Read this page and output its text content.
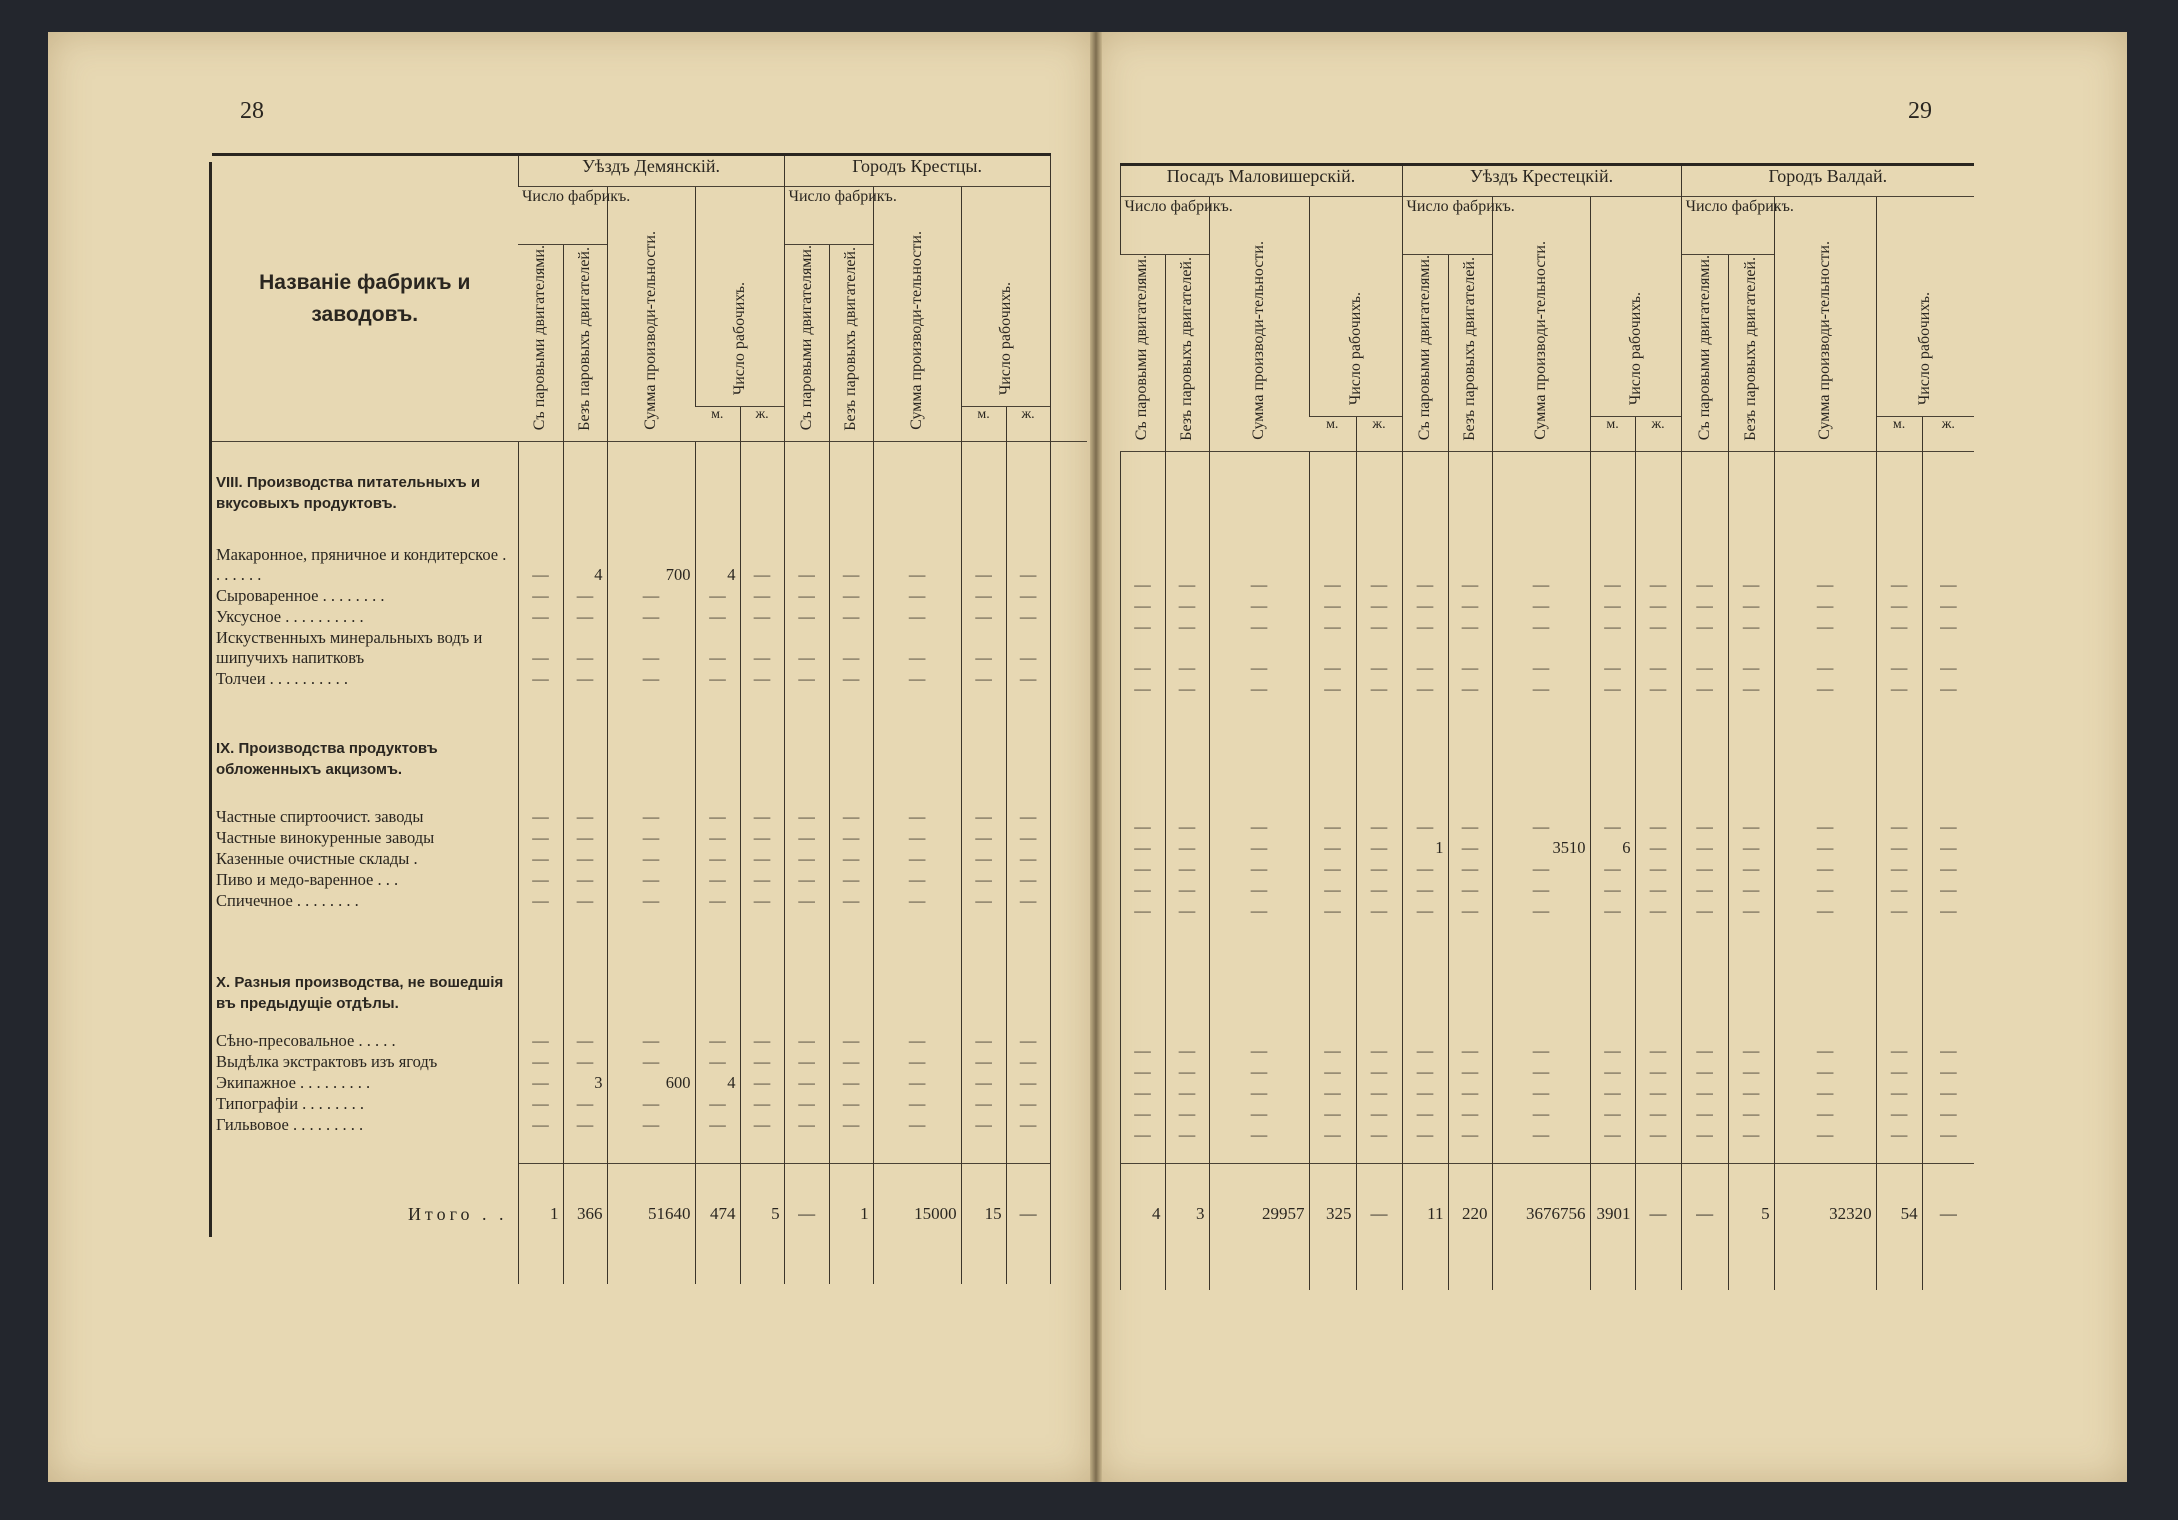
28	29
Названіе фабрикъ и заводовъ.	Уѣздъ Демянскій.					Городъ Крестцы.					
	Число фабрикъ.		Сумма производи-тельности.	Число рабочихъ.		Число фабрикъ.		Сумма производи-тельности.	Число рабочихъ.		
	Съ паровыми двигателями.	Безъ паровыхъ двигателей.				Съ паровыми двигателями.	Безъ паровыхъ двигателей.				
				м.	ж.				м.	ж.	

VIII. Производства питательныхъ и вкусовыхъ продуктовъ.											
Макаронное, пряничное и кондитерское . . . . . . .	—	4	700	4	—	—	—	—	—	—	
Сыроваренное . . . . . . . .	—	—	—	—	—	—	—	—	—	—	
Уксусное . . . . . . . . . .	—	—	—	—	—	—	—	—	—	—	
Искуственныхъ минеральныхъ водъ и шипучихъ напитковъ	—	—	—	—	—	—	—	—	—	—	
Толчеи . . . . . . . . . .	—	—	—	—	—	—	—	—	—	—	
IX. Производства продуктовъ обложенныхъ акцизомъ.											
Частные спиртоочист. заводы	—	—	—	—	—	—	—	—	—	—	
Частные винокуренные заводы	—	—	—	—	—	—	—	—	—	—	
Казенные очистные склады .	—	—	—	—	—	—	—	—	—	—	
Пиво и медо-варенное . . .	—	—	—	—	—	—	—	—	—	—	
Спичечное . . . . . . . .	—	—	—	—	—	—	—	—	—	—	
X. Разныя производства, не вошедшія въ предыдущіе отдѣлы.											
Сѣно-пресовальное . . . . .	—	—	—	—	—	—	—	—	—	—	
Выдѣлка экстрактовъ изъ ягодъ	—	—	—	—	—	—	—	—	—	—	
Экипажное . . . . . . . . .	—	3	600	4	—	—	—	—	—	—	
Типографіи . . . . . . . .	—	—	—	—	—	—	—	—	—	—	
Гильвовое . . . . . . . . .	—	—	—	—	—	—	—	—	—	—	

Итого . .	1	366	51640	474	5	—	1	15000	15	—	
	Посадъ Маловишерскій.					Уѣздъ Крестецкій.					Городъ Валдай.				
	Число фабрикъ.		Сумма производи-тельности.	Число рабочихъ.		Число фабрикъ.		Сумма производи-тельности.	Число рабочихъ.		Число фабрикъ.		Сумма производи-тельности.	Число рабочихъ.	
	Съ паровыми двигателями.	Безъ паровыхъ двигателей.				Съ паровыми двигателями.	Безъ паровыхъ двигателей.				Съ паровыми двигателями.	Безъ паровыхъ двигателей.			
				м.	ж.				м.	ж.				м.	ж.

	—	—	—	—	—	—	—	—	—	—	—	—	—	—	—
	—	—	—	—	—	—	—	—	—	—	—	—	—	—	—
	—	—	—	—	—	—	—	—	—	—	—	—	—	—	—
	—	—	—	—	—	—	—	—	—	—	—	—	—	—	—
	—	—	—	—	—	—	—	—	—	—	—	—	—	—	—

	—	—	—	—	—	—	—	—	—	—	—	—	—	—	—
	—	—	—	—	—	1	—	3510	6	—	—	—	—	—	—
	—	—	—	—	—	—	—	—	—	—	—	—	—	—	—
	—	—	—	—	—	—	—	—	—	—	—	—	—	—	—
	—	—	—	—	—	—	—	—	—	—	—	—	—	—	—

	—	—	—	—	—	—	—	—	—	—	—	—	—	—	—
	—	—	—	—	—	—	—	—	—	—	—	—	—	—	—
	—	—	—	—	—	—	—	—	—	—	—	—	—	—	—
	—	—	—	—	—	—	—	—	—	—	—	—	—	—	—
	—	—	—	—	—	—	—	—	—	—	—	—	—	—	—

	4	3	29957	325	—	11	220	3676756	3901	—	—	5	32320	54	—
